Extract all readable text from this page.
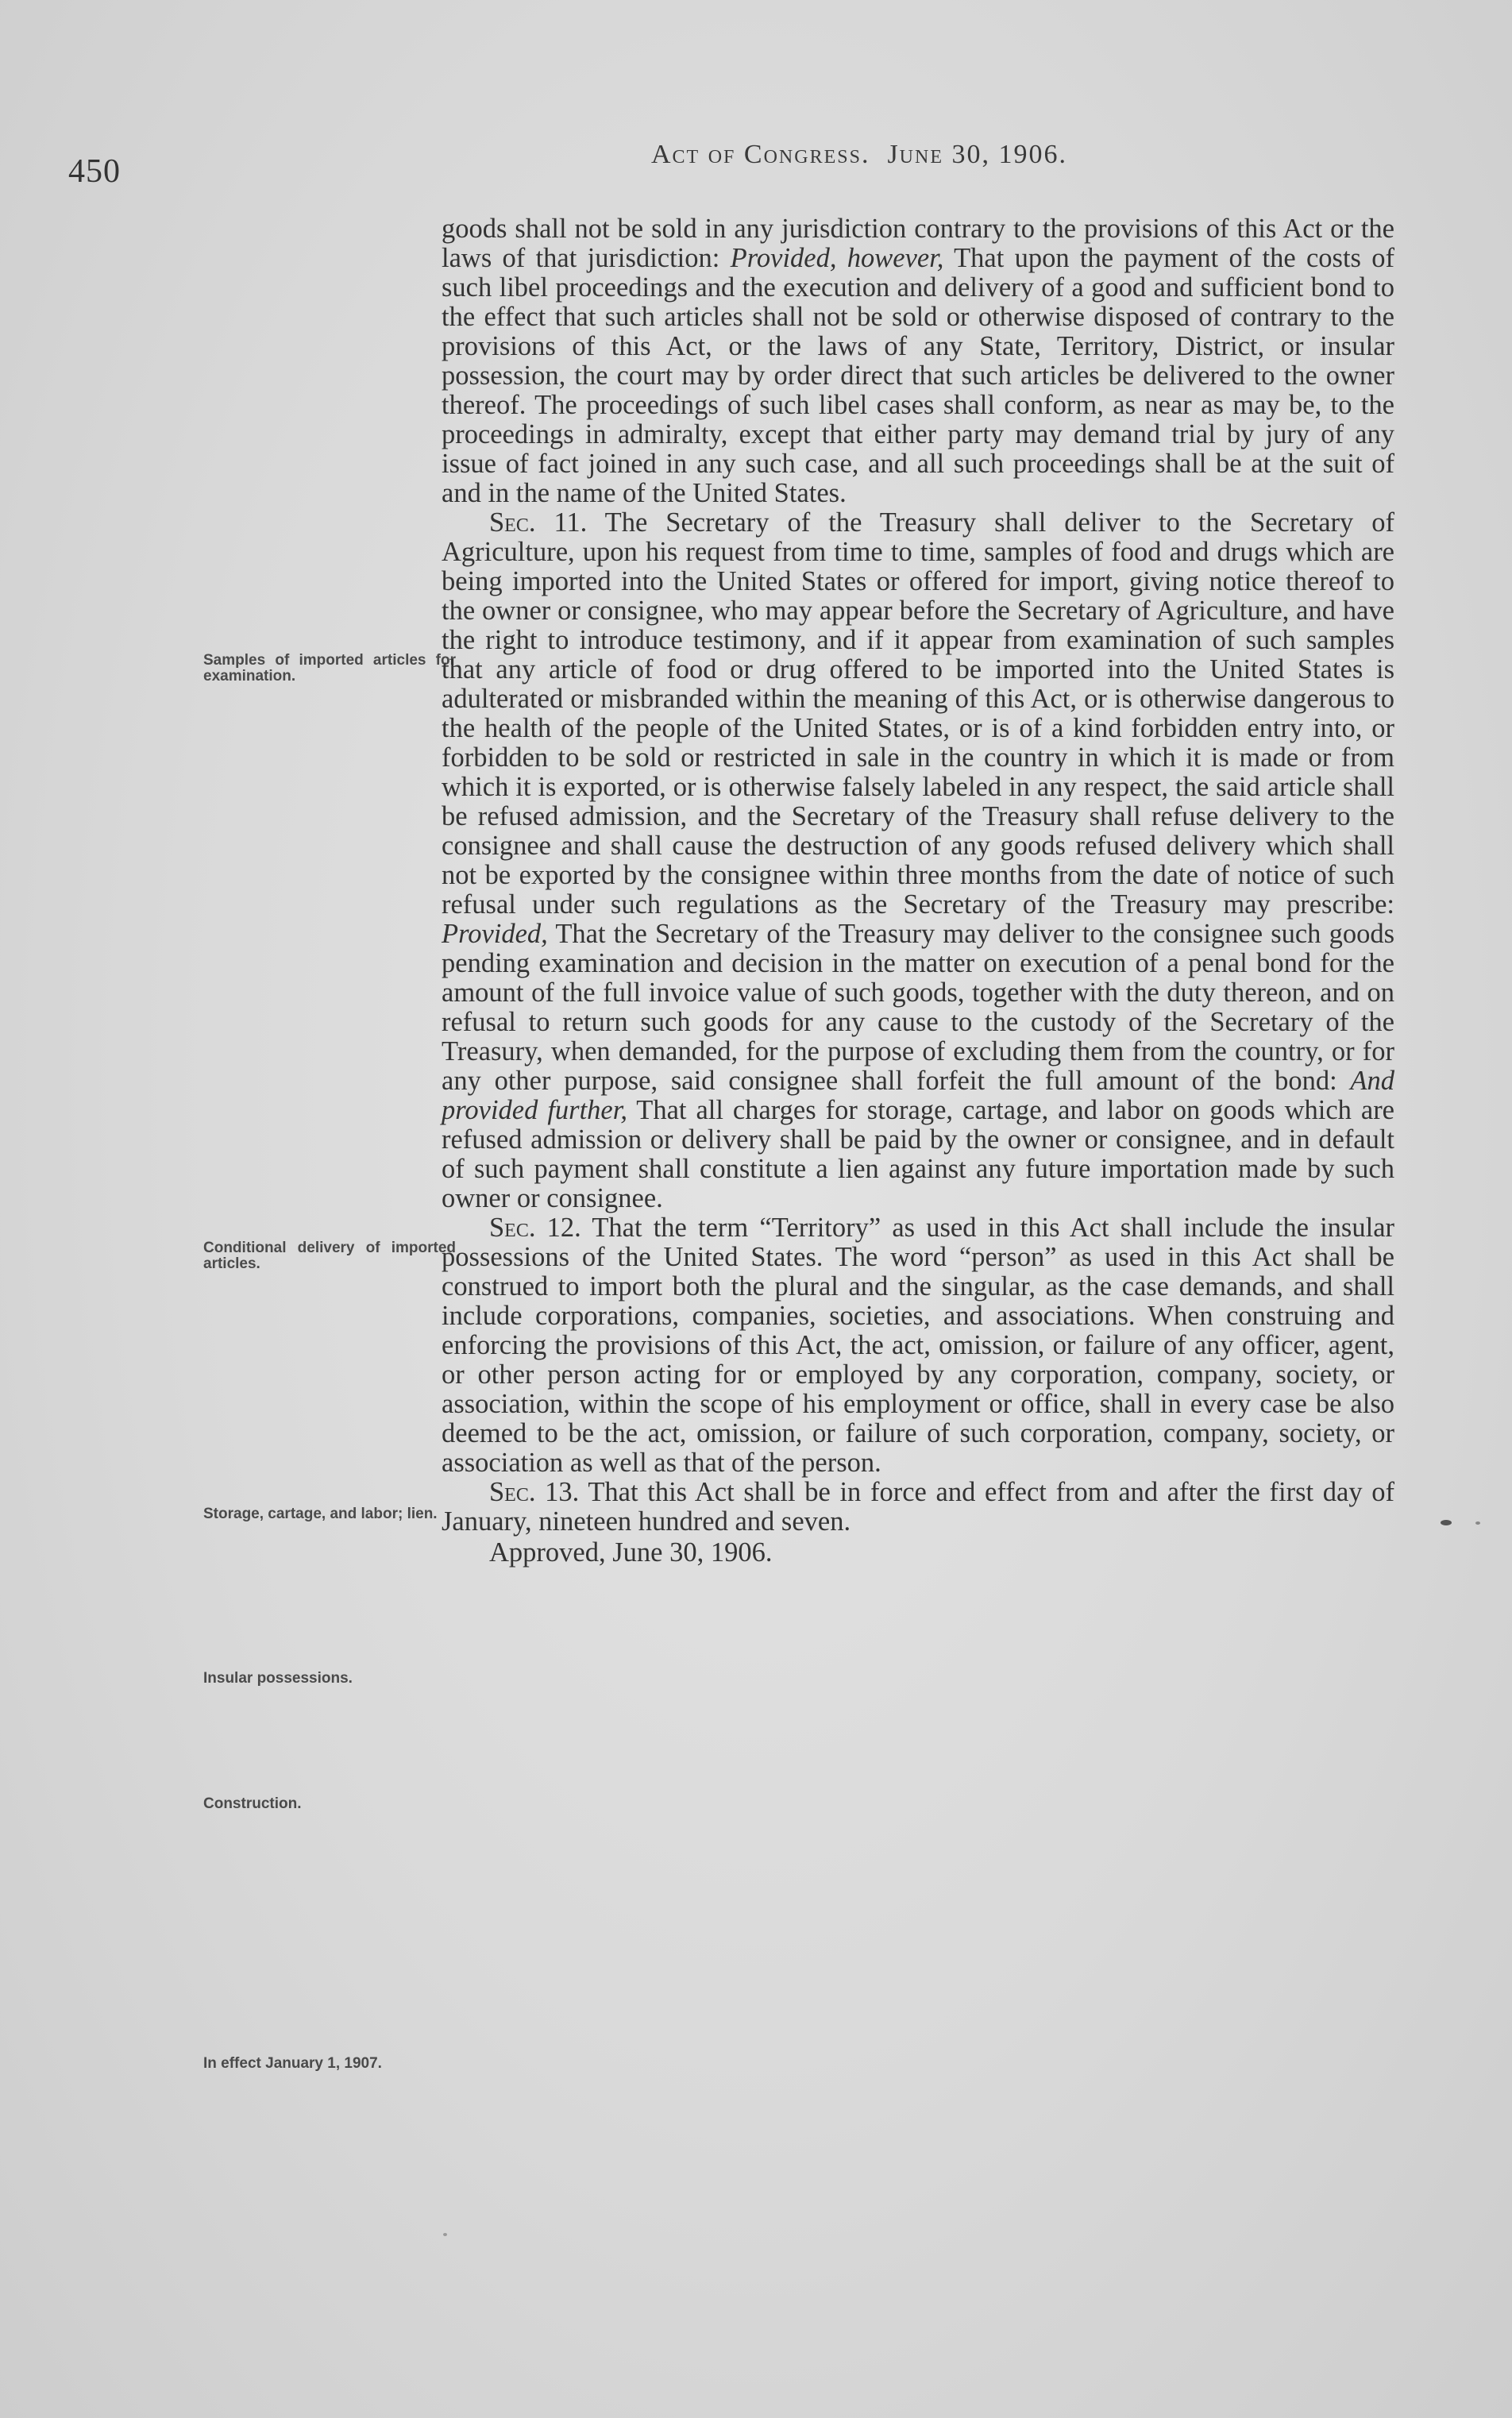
450	Act of Congress. June 30, 1906.
Samples of imported articles for examination.
Conditional delivery of imported articles.
Storage, cartage, and labor; lien.
Insular possessions.
Construction.
In effect January 1, 1907.

goods shall not be sold in any jurisdiction contrary to the provisions of this Act or the laws of that jurisdiction: Provided, however, That upon the payment of the costs of such libel proceedings and the execution and delivery of a good and sufficient bond to the effect that such articles shall not be sold or otherwise disposed of contrary to the provisions of this Act, or the laws of any State, Territory, District, or insular possession, the court may by order direct that such articles be delivered to the owner thereof. The proceedings of such libel cases shall conform, as near as may be, to the proceedings in admiralty, except that either party may demand trial by jury of any issue of fact joined in any such case, and all such proceedings shall be at the suit of and in the name of the United States.

Sec. 11. The Secretary of the Treasury shall deliver to the Secretary of Agriculture, upon his request from time to time, samples of food and drugs which are being imported into the United States or offered for import, giving notice thereof to the owner or consignee, who may appear before the Secretary of Agriculture, and have the right to introduce testimony, and if it appear from examination of such samples that any article of food or drug offered to be imported into the United States is adulterated or misbranded within the meaning of this Act, or is otherwise dangerous to the health of the people of the United States, or is of a kind forbidden entry into, or forbidden to be sold or restricted in sale in the country in which it is made or from which it is exported, or is otherwise falsely labeled in any respect, the said article shall be refused admission, and the Secretary of the Treasury shall refuse delivery to the consignee and shall cause the destruction of any goods refused delivery which shall not be exported by the consignee within three months from the date of notice of such refusal under such regulations as the Secretary of the Treasury may prescribe: Provided, That the Secretary of the Treasury may deliver to the consignee such goods pending examination and decision in the matter on execution of a penal bond for the amount of the full invoice value of such goods, together with the duty thereon, and on refusal to return such goods for any cause to the custody of the Secretary of the Treasury, when demanded, for the purpose of excluding them from the country, or for any other purpose, said consignee shall forfeit the full amount of the bond: And provided further, That all charges for storage, cartage, and labor on goods which are refused admission or delivery shall be paid by the owner or consignee, and in default of such payment shall constitute a lien against any future importation made by such owner or consignee.

Sec. 12. That the term “Territory” as used in this Act shall include the insular possessions of the United States. The word “person” as used in this Act shall be construed to import both the plural and the singular, as the case demands, and shall include corporations, companies, societies, and associations. When construing and enforcing the provisions of this Act, the act, omission, or failure of any officer, agent, or other person acting for or employed by any corporation, company, society, or association, within the scope of his employment or office, shall in every case be also deemed to be the act, omission, or failure of such corporation, company, society, or association as well as that of the person.

Sec. 13. That this Act shall be in force and effect from and after the first day of January, nineteen hundred and seven.

Approved, June 30, 1906.
